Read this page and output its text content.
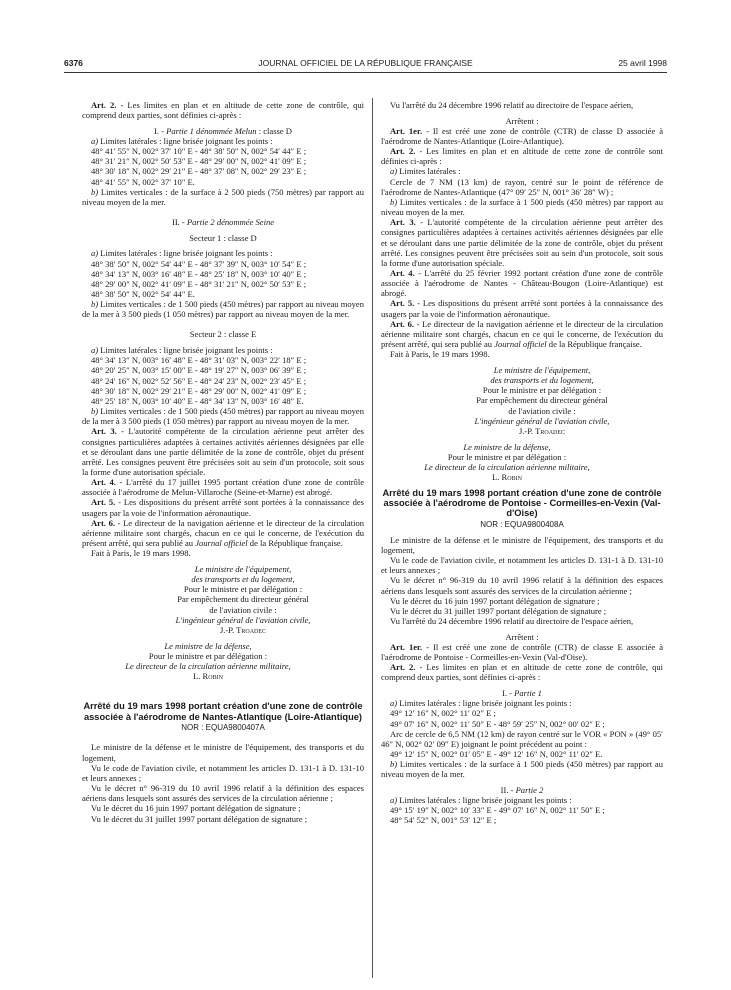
6376	JOURNAL OFFICIEL DE LA RÉPUBLIQUE FRANÇAISE	25 avril 1998

Art. 2. - Les limites en plan et en altitude de cette zone de contrôle, qui comprend deux parties, sont définies ci-après :

I. - Partie 1 dénommée Melun : classe D

a) Limites latérales : ligne brisée joignant les points :

48° 41′ 55″ N, 002° 37′ 10″ E - 48° 38′ 50″ N, 002° 54′ 44″ E ;

48° 31′ 21″ N, 002° 50′ 53″ E - 48° 29′ 00″ N, 002° 41′ 09″ E ;

48° 30′ 18″ N, 002° 29′ 21″ E - 48° 37′ 08″ N, 002° 29′ 23″ E ;

48° 41′ 55″ N, 002° 37′ 10″ E.

b) Limites verticales : de la surface à 2 500 pieds (750 mètres) par rapport au niveau moyen de la mer.

II. - Partie 2 dénommée Seine

Secteur 1 : classe D

a) Limites latérales : ligne brisée joignant les points :

48° 38′ 50″ N, 002° 54′ 44″ E - 48° 37′ 39″ N, 003° 10′ 54″ E ;

48° 34′ 13″ N, 003° 16′ 48″ E - 48° 25′ 18″ N, 003° 10′ 40″ E ;

48° 29′ 00″ N, 002° 41′ 09″ E - 48° 31′ 21″ N, 002° 50′ 53″ E ;

48° 38′ 50″ N, 002° 54′ 44″ E.

b) Limites verticales : de 1 500 pieds (450 mètres) par rapport au niveau moyen de la mer à 3 500 pieds (1 050 mètres) par rapport au niveau moyen de la mer.

Secteur 2 : classe E

a) Limites latérales : ligne brisée joignant les points :

48° 34′ 13″ N, 003° 16′ 48″ E - 48° 31′ 03″ N, 003° 22′ 18″ E ;

48° 20′ 25″ N, 003° 15′ 00″ E - 48° 19′ 27″ N, 003° 06′ 39″ E ;

48° 24′ 16″ N, 002° 52′ 56″ E - 48° 24′ 23″ N, 002° 23′ 45″ E ;

48° 30′ 18″ N, 002° 29′ 21″ E - 48° 29′ 00″ N, 002° 41′ 09″ E ;

48° 25′ 18″ N, 003° 10′ 40″ E - 48° 34′ 13″ N, 003° 16′ 48″ E.

b) Limites verticales : de 1 500 pieds (450 mètres) par rapport au niveau moyen de la mer à 3 500 pieds (1 050 mètres) par rapport au niveau moyen de la mer.

Art. 3. - L'autorité compétente de la circulation aérienne peut arrêter des consignes particulières adaptées à certaines activités aériennes désignées par elle et se déroulant dans une partie délimitée de la zone de contrôle, objet du présent arrêté. Les consignes peuvent être précisées soit au sein d'un protocole, soit sous la forme d'une autorisation spéciale.

Art. 4. - L'arrêté du 17 juillet 1995 portant création d'une zone de contrôle associée à l'aérodrome de Melun-Villaroche (Seine-et-Marne) est abrogé.

Art. 5. - Les dispositions du présent arrêté sont portées à la connaissance des usagers par la voie de l'information aéronautique.

Art. 6. - Le directeur de la navigation aérienne et le directeur de la circulation aérienne militaire sont chargés, chacun en ce qui le concerne, de l'exécution du présent arrêté, qui sera publié au Journal officiel de la République française.

Fait à Paris, le 19 mars 1998.

Le ministre de l'équipement,

des transports et du logement,

Pour le ministre et par délégation :

Par empêchement du directeur général

de l'aviation civile :

L'ingénieur général de l'aviation civile,

J.-P. Troadec

Le ministre de la défense,

Pour le ministre et par délégation :

Le directeur de la circulation aérienne militaire,

L. Robin

Arrêté du 19 mars 1998 portant création d'une zone de contrôle associée à l'aérodrome de Nantes-Atlantique (Loire-Atlantique)

NOR : EQUA9800407A

Le ministre de la défense et le ministre de l'équipement, des transports et du logement,

Vu le code de l'aviation civile, et notamment les articles D. 131-1 à D. 131-10 et leurs annexes ;

Vu le décret n° 96-319 du 10 avril 1996 relatif à la définition des espaces aériens dans lesquels sont assurés des services de la circulation aérienne ;

Vu le décret du 16 juin 1997 portant délégation de signature ;

Vu le décret du 31 juillet 1997 portant délégation de signature ;

Vu l'arrêté du 24 décembre 1996 relatif au directoire de l'espace aérien,

Arrêtent :

Art. 1er. - Il est créé une zone de contrôle (CTR) de classe D associée à l'aérodrome de Nantes-Atlantique (Loire-Atlantique).

Art. 2. - Les limites en plan et en altitude de cette zone de contrôle sont définies ci-après :

a) Limites latérales :

Cercle de 7 NM (13 km) de rayon, centré sur le point de référence de l'aérodrome de Nantes-Atlantique (47° 09′ 25″ N, 001° 36′ 28″ W) ;

b) Limites verticales : de la surface à 1 500 pieds (450 mètres) par rapport au niveau moyen de la mer.

Art. 3. - L'autorité compétente de la circulation aérienne peut arrêter des consignes particulières adaptées à certaines activités aériennes désignées par elle et se déroulant dans une partie délimitée de la zone de contrôle, objet du présent arrêté. Les consignes peuvent être précisées soit au sein d'un protocole, soit sous la forme d'une autorisation spéciale.

Art. 4. - L'arrêté du 25 février 1992 portant création d'une zone de contrôle associée à l'aérodrome de Nantes - Château-Bougon (Loire-Atlantique) est abrogé.

Art. 5. - Les dispositions du présent arrêté sont portées à la connaissance des usagers par la voie de l'information aéronautique.

Art. 6. - Le directeur de la navigation aérienne et le directeur de la circulation aérienne militaire sont chargés, chacun en ce qui le concerne, de l'exécution du présent arrêté, qui sera publié au Journal officiel de la République française.

Fait à Paris, le 19 mars 1998.

Le ministre de l'équipement,

des transports et du logement,

Pour le ministre et par délégation :

Par empêchement du directeur général

de l'aviation civile :

L'ingénieur général de l'aviation civile,

J.-P. Troadec

Le ministre de la défense,

Pour le ministre et par délégation :

Le directeur de la circulation aérienne militaire,

L. Robin

Arrêté du 19 mars 1998 portant création d'une zone de contrôle associée à l'aérodrome de Pontoise - Cormeilles-en-Vexin (Val-d'Oise)

NOR : EQUA9800408A

Le ministre de la défense et le ministre de l'équipement, des transports et du logement,

Vu le code de l'aviation civile, et notamment les articles D. 131-1 à D. 131-10 et leurs annexes ;

Vu le décret n° 96-319 du 10 avril 1996 relatif à la définition des espaces aériens dans lesquels sont assurés des services de la circulation aérienne ;

Vu le décret du 16 juin 1997 portant délégation de signature ;

Vu le décret du 31 juillet 1997 portant délégation de signature ;

Vu l'arrêté du 24 décembre 1996 relatif au directoire de l'espace aérien,

Arrêtent :

Art. 1er. - Il est créé une zone de contrôle (CTR) de classe E associée à l'aérodrome de Pontoise - Cormeilles-en-Vexin (Val-d'Oise).

Art. 2. - Les limites en plan et en altitude de cette zone de contrôle, qui comprend deux parties, sont définies ci-après :

I. - Partie 1

a) Limites latérales : ligne brisée joignant les points :

49° 12′ 16″ N, 002° 11′ 02″ E ;

49° 07′ 16″ N, 002° 11′ 50″ E - 48° 59′ 25″ N, 002° 00′ 02″ E ;

Arc de cercle de 6,5 NM (12 km) de rayon centré sur le VOR « PON » (49° 05′ 46″ N, 002° 02′ 09″ E) joignant le point précédent au point :

49° 12′ 15″ N, 002° 01′ 05″ E - 49° 12′ 16″ N, 002° 11′ 02″ E.

b) Limites verticales : de la surface à 1 500 pieds (450 mètres) par rapport au niveau moyen de la mer.

II. - Partie 2

a) Limites latérales : ligne brisée joignant les points :

49° 15′ 19″ N, 002° 10′ 33″ E - 49° 07′ 16″ N, 002° 11′ 50″ E ;

48° 54′ 52″ N, 001° 53′ 12″ E ;
